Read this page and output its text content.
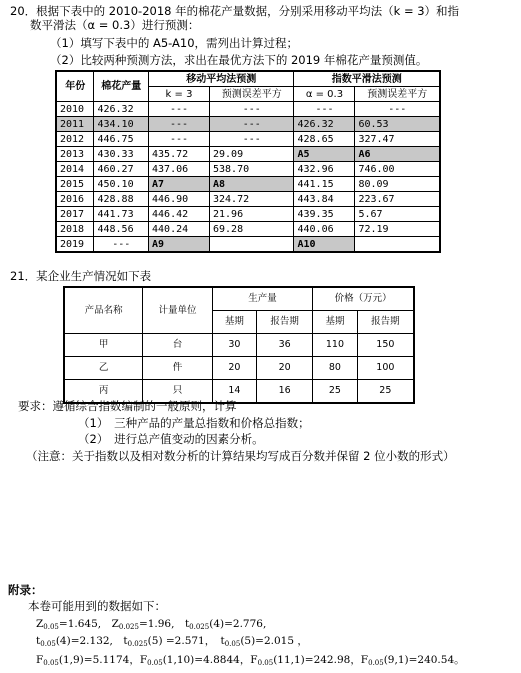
20．根据下表中的 2010-2018 年的棉花产量数据，分别采用移动平均法（k = 3）和指
数平滑法（α = 0.3）进行预测：
（1）填写下表中的 A5-A10，需列出计算过程；
（2）比较两种预测方法，求出在最优方法下的 2019 年棉花产量预测值。
年份	棉花产量	移动平均法预测		指数平滑法预测	
		k = 3	预测误差平方	α = 0.3	预测误差平方
2010	426.32	---	---	---	---
2011	434.10	---	---	426.32	60.53
2012	446.75	---	---	428.65	327.47
2013	430.33	435.72	29.09	A5	A6
2014	460.27	437.06	538.70	432.96	746.00
2015	450.10	A7	A8	441.15	80.09
2016	428.88	446.90	324.72	443.84	223.67
2017	441.73	446.42	21.96	439.35	5.67
2018	448.56	440.24	69.28	440.06	72.19
2019	---	A9		A10	
21．某企业生产情况如下表
产品名称	计量单位	生产量		价格（万元）	
		基期	报告期	基期	报告期
甲	台	30	36	110	150
乙	件	20	20	80	100
丙	只	14	16	25	25
要求：遵循综合指数编制的一般原则，计算
（1）　三种产品的产量总指数和价格总指数；
（2）　进行总产值变动的因素分析。
（注意：关于指数以及相对数分析的计算结果均写成百分数并保留 2 位小数的形式）
附录：
本卷可能用到的数据如下：
$Z_{0.05}=1.645$,　$Z_{0.025}=1.96$,　$t_{0.025}(4)=2.776$,
$t_{0.05}(4)=2.132$,　$t_{0.025}(5) =2.571$，　$t_{0.05}(5)=2.015$ ，
$F_{0.05}(1,9)=5.1174$，$F_{0.05}(1,10)=4.8844$，$F_{0.05}(11,1)=242.98$，$F_{0.05}(9,1)=240.54$。
